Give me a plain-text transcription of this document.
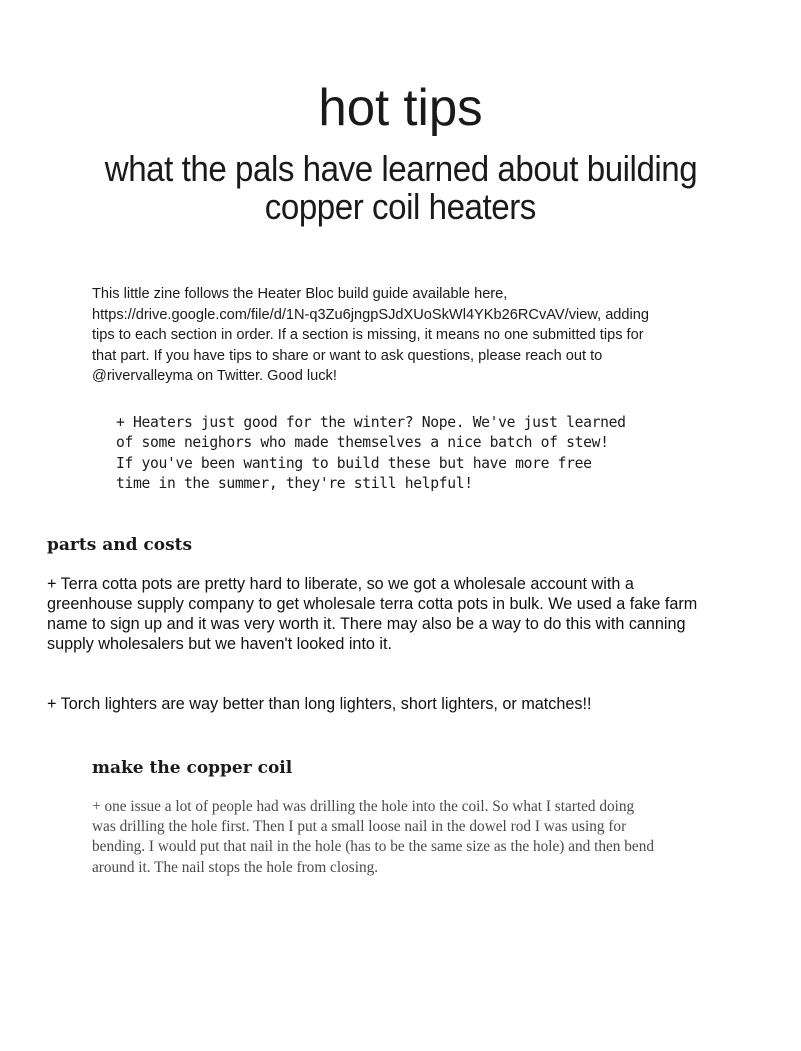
hot tips
what the pals have learned about building
copper coil heaters

This little zine follows the Heater Bloc build guide available here,
https://drive.google.com/file/d/1N-q3Zu6jngpSJdXUoSkWl4YKb26RCvAV/view, adding
tips to each section in order. If a section is missing, it means no one submitted tips for
that part. If you have tips to share or want to ask questions, please reach out to
@rivervalleyma on Twitter. Good luck!

+ Heaters just good for the winter? Nope. We've just learned
of some neighors who made themselves a nice batch of stew!
If you've been wanting to build these but have more free
time in the summer, they're still helpful!
parts and costs

+ Terra cotta pots are pretty hard to liberate, so we got a wholesale account with a
greenhouse supply company to get wholesale terra cotta pots in bulk. We used a fake farm
name to sign up and it was very worth it. There may also be a way to do this with canning
supply wholesalers but we haven't looked into it.

+ Torch lighters are way better than long lighters, short lighters, or matches!!

make the copper coil

+ one issue a lot of people had was drilling the hole into the coil. So what I started doing
was drilling the hole first. Then I put a small loose nail in the dowel rod I was using for
bending. I would put that nail in the hole (has to be the same size as the hole) and then bend
around it. The nail stops the hole from closing.
